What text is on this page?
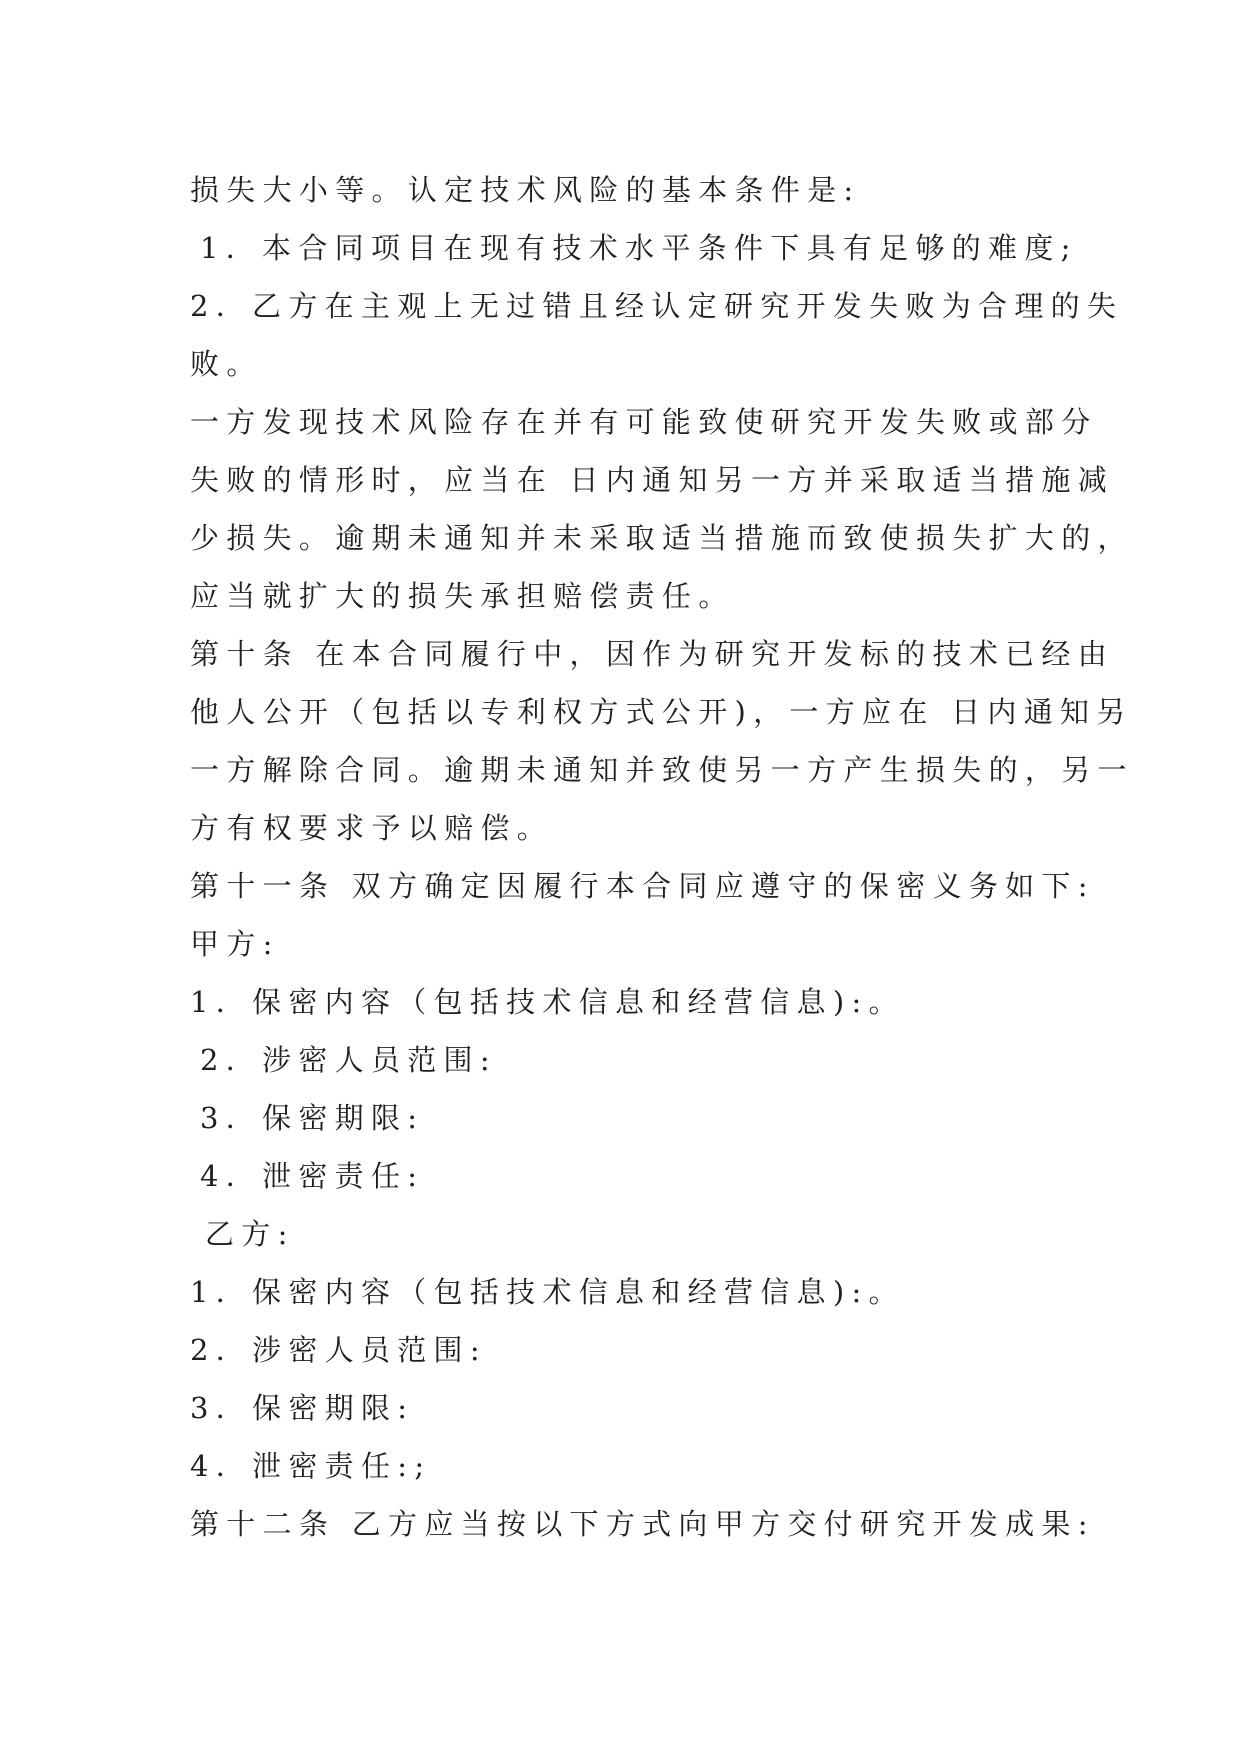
损失大小等。认定技术风险的基本条件是:

1．本合同项目在现有技术水平条件下具有足够的难度;

2．乙方在主观上无过错且经认定研究开发失败为合理的失

败。

一方发现技术风险存在并有可能致使研究开发失败或部分

失败的情形时，应当在 日内通知另一方并采取适当措施减

少损失。逾期未通知并未采取适当措施而致使损失扩大的，

应当就扩大的损失承担赔偿责任。

第十条 在本合同履行中，因作为研究开发标的技术已经由

他人公开（包括以专利权方式公开)，一方应在 日内通知另

一方解除合同。逾期未通知并致使另一方产生损失的，另一

方有权要求予以赔偿。

第十一条 双方确定因履行本合同应遵守的保密义务如下:

甲方:

1．保密内容（包括技术信息和经营信息):。

2．涉密人员范围:

3．保密期限:

4．泄密责任:

乙方:

1．保密内容（包括技术信息和经营信息):。

2．涉密人员范围:

3．保密期限:

4．泄密责任:;

第十二条 乙方应当按以下方式向甲方交付研究开发成果:
